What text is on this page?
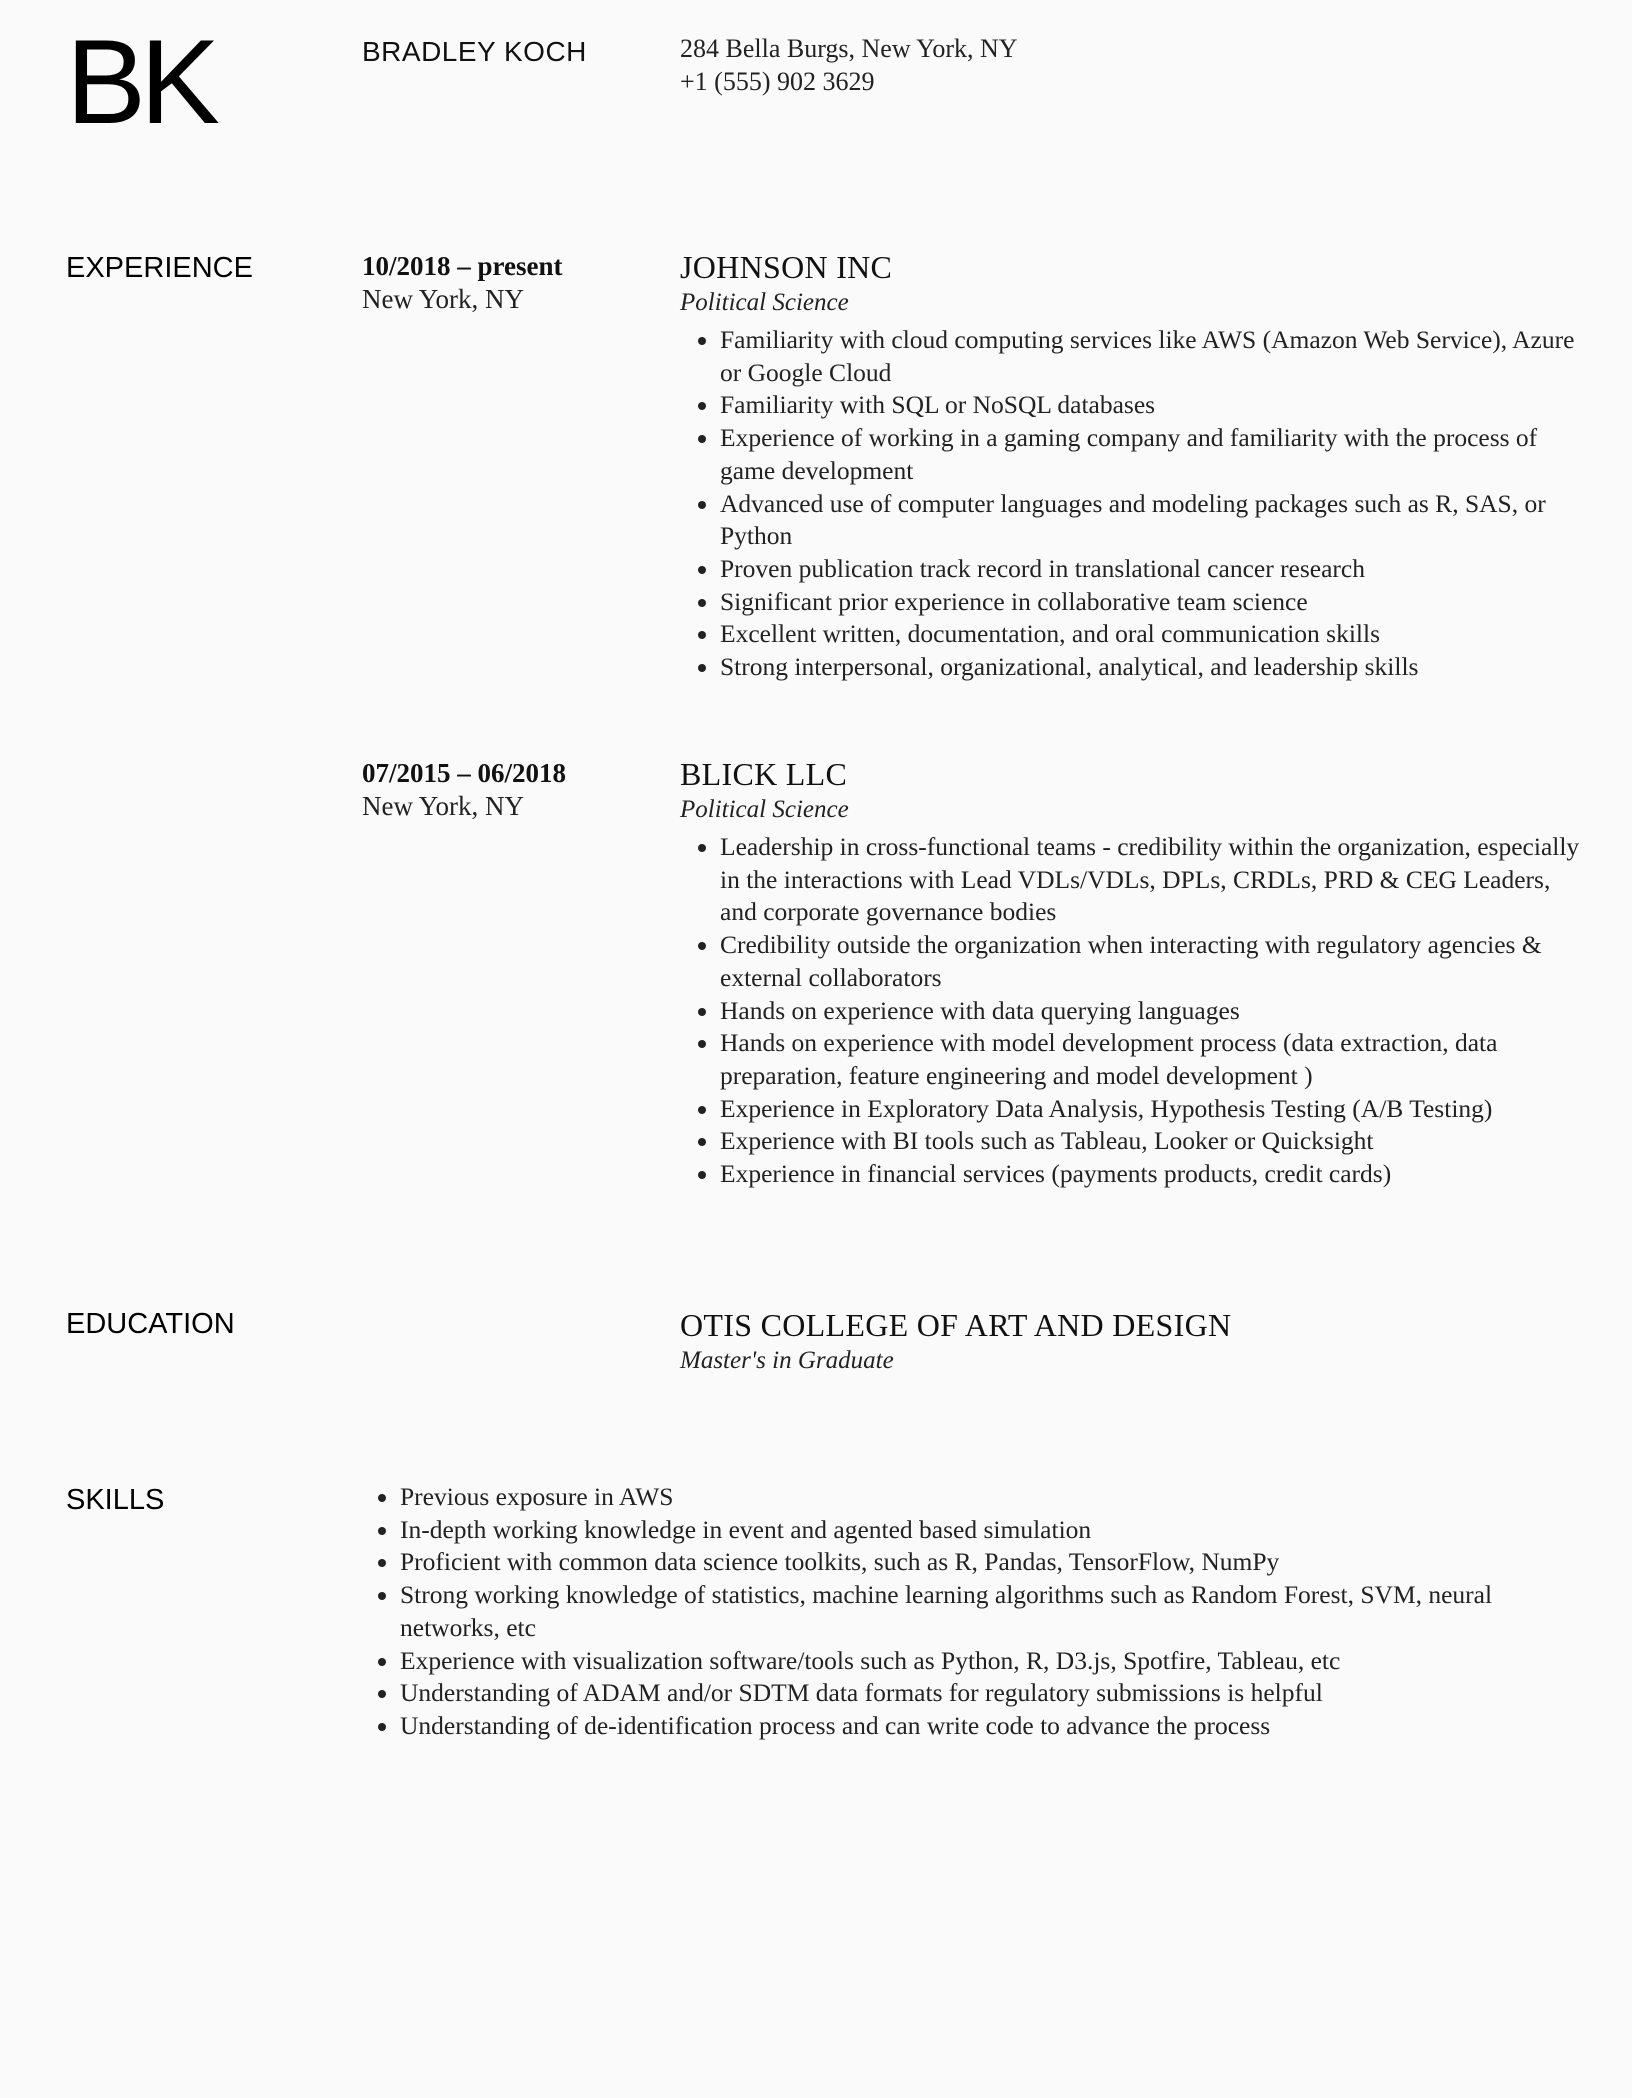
BK	BRADLEY KOCH	284 Bella Burgs, New York, NY
+1 (555) 902 3629
EXPERIENCE	10/2018 – present
New York, NY
JOHNSON INC
Political Science
• Familiarity with cloud computing services like AWS (Amazon Web Service), Azure or Google Cloud
• Familiarity with SQL or NoSQL databases
• Experience of working in a gaming company and familiarity with the process of game development
• Advanced use of computer languages and modeling packages such as R, SAS, or Python
• Proven publication track record in translational cancer research
• Significant prior experience in collaborative team science
• Excellent written, documentation, and oral communication skills
• Strong interpersonal, organizational, analytical, and leadership skills
07/2015 – 06/2018
New York, NY
BLICK LLC
Political Science
• Leadership in cross-functional teams - credibility within the organization, especially in the interactions with Lead VDLs/VDLs, DPLs, CRDLs, PRD & CEG Leaders, and corporate governance bodies
• Credibility outside the organization when interacting with regulatory agencies & external collaborators
• Hands on experience with data querying languages
• Hands on experience with model development process (data extraction, data preparation, feature engineering and model development )
• Experience in Exploratory Data Analysis, Hypothesis Testing (A/B Testing)
• Experience with BI tools such as Tableau, Looker or Quicksight
• Experience in financial services (payments products, credit cards)
EDUCATION	OTIS COLLEGE OF ART AND DESIGN
Master's in Graduate
SKILLS
•	Previous exposure in AWS
• In-depth working knowledge in event and agented based simulation
• Proficient with common data science toolkits, such as R, Pandas, TensorFlow, NumPy
• Strong working knowledge of statistics, machine learning algorithms such as Random Forest, SVM, neural networks, etc
• Experience with visualization software/tools such as Python, R, D3.js, Spotfire, Tableau, etc
• Understanding of ADAM and/or SDTM data formats for regulatory submissions is helpful
• Understanding of de-identification process and can write code to advance the process
